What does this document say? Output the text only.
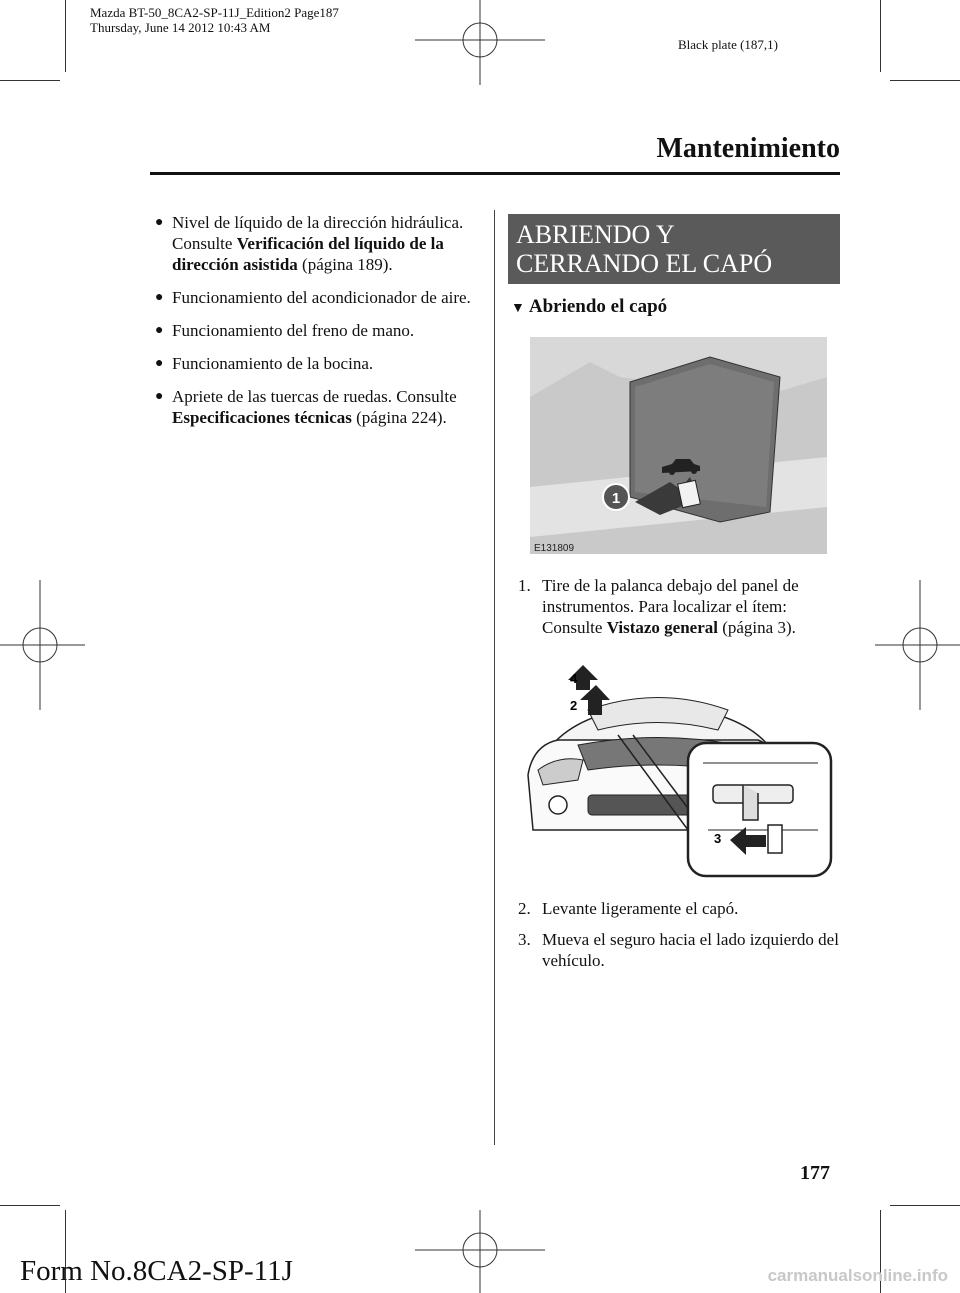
Mazda BT-50_8CA2-SP-11J_Edition2 Page187
Thursday, June 14 2012 10:43 AM
Black plate (187,1)
Mantenimiento
● Nivel de líquido de la dirección hidráulica. Consulte Verificación del líquido de la dirección asistida (página 189).
● Funcionamiento del acondicionador de aire.
● Funcionamiento del freno de mano.
● Funcionamiento de la bocina.
● Apriete de las tuercas de ruedas. Consulte Especificaciones técnicas (página 224).
ABRIENDO Y
CERRANDO EL CAPÓ
▼ Abriendo el capó
1
E131809
1. Tire de la palanca debajo del panel de instrumentos. Para localizar el ítem: Consulte Vistazo general (página 3).
4
2
3
2. Levante ligeramente el capó.
3. Mueva el seguro hacia el lado izquierdo del vehículo.
177
Form No.8CA2-SP-11J	carmanualsonline.info
